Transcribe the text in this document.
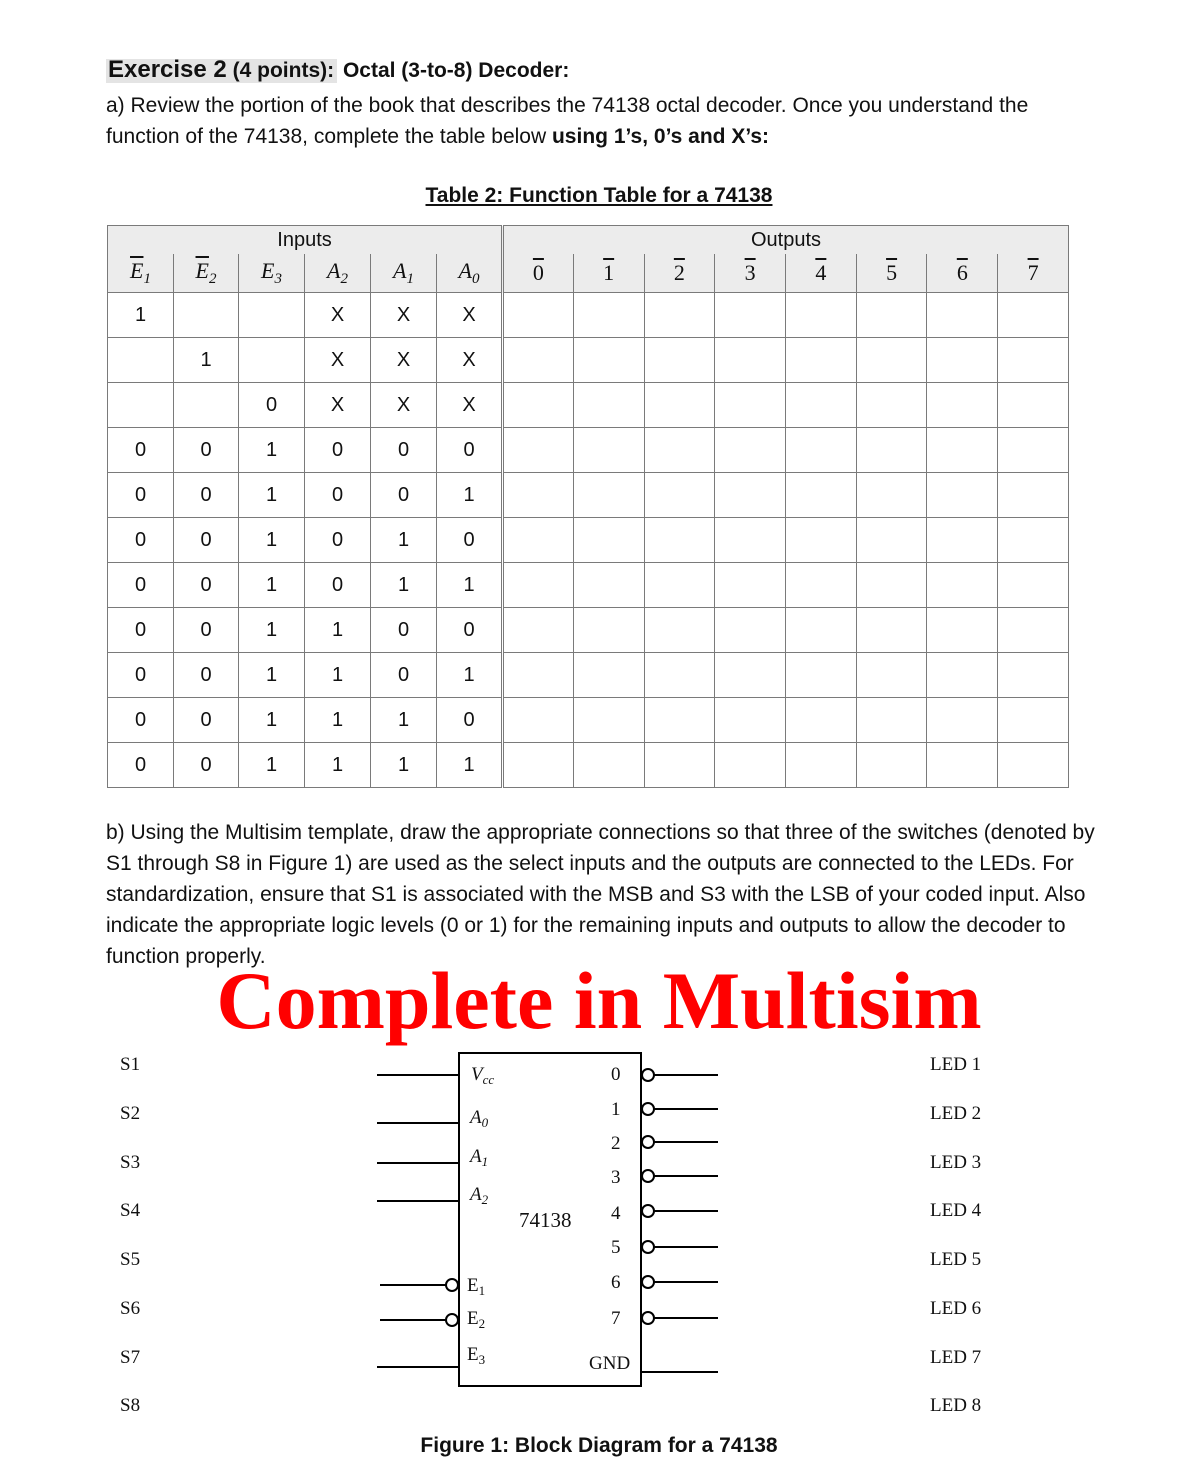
Exercise 2 (4 points): Octal (3-to-8) Decoder:
a) Review the portion of the book that describes the 74138 octal decoder. Once you understand the function of the 74138, complete the table below using 1’s, 0’s and X’s:
Table 2: Function Table for a 74138
Inputs						Outputs							
$\overline{E}_1$	$\overline{E}_2$	$E_3$	$A_2$	$A_1$	$A_0$	0	1	2	3	4	5	6	7
1			X	X	X								
	1		X	X	X								
		0	X	X	X								
0	0	1	0	0	0								
0	0	1	0	0	1								
0	0	1	0	1	0								
0	0	1	0	1	1								
0	0	1	1	0	0								
0	0	1	1	0	1								
0	0	1	1	1	0								
0	0	1	1	1	1								
b) Using the Multisim template, draw the appropriate connections so that three of the switches (denoted by S1 through S8 in Figure 1) are used as the select inputs and the outputs are connected to the LEDs. For standardization, ensure that S1 is associated with the MSB and S3 with the LSB of your coded input. Also indicate the appropriate logic levels (0 or 1) for the remaining inputs and outputs to allow the decoder to function properly.
Complete in Multisim
S1
S2
S3
S4
S5
S6
S7
S8
LED 1
LED 2
LED 3
LED 4
LED 5
LED 6
LED 7
LED 8
$V_{cc}$
$A_0$
$A_1$
$A_2$
$E_1$
$E_2$
$E_3$
0
1
2
3
4
5
6
7
74138
GND
Figure 1: Block Diagram for a 74138
